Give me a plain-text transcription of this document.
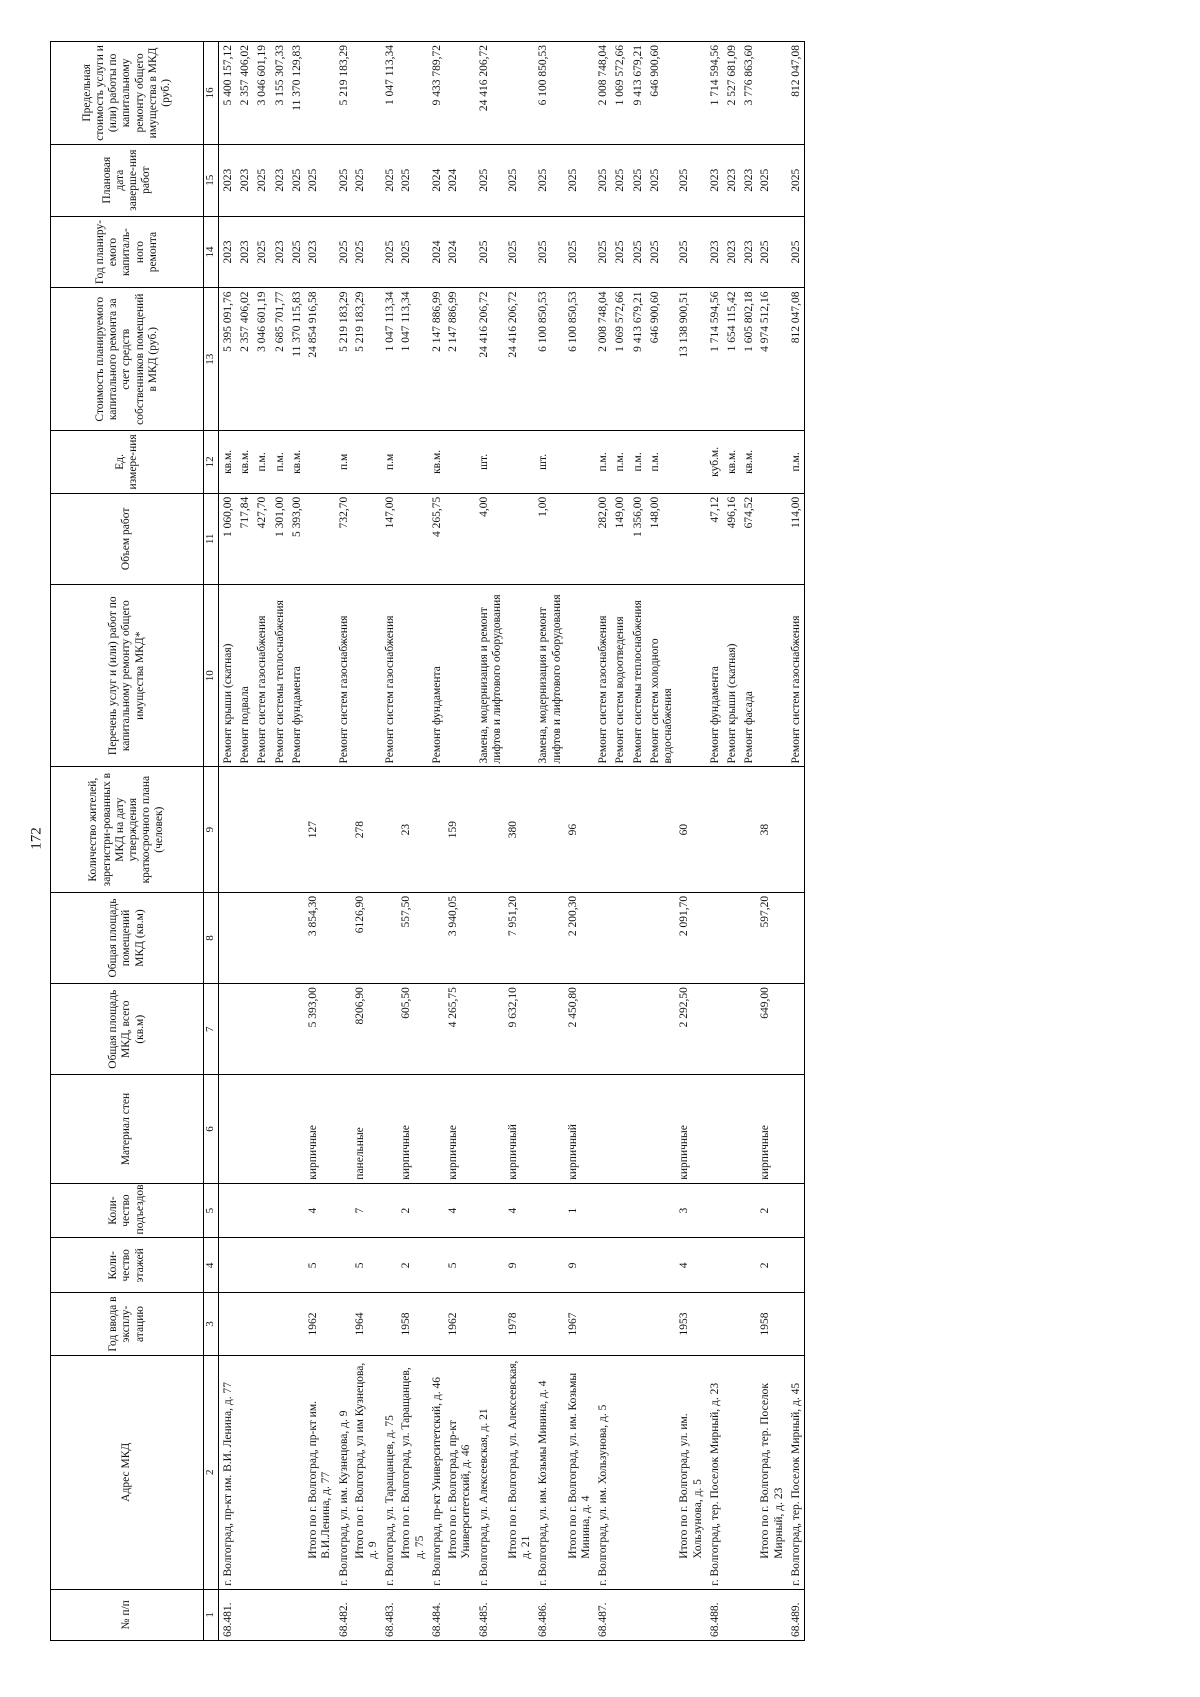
172
№ п/п	Адрес МКД	Год ввода в эксплу-атацию	Коли-чество этажей	Коли-чество подъездов	Материал стен	Общая площадь МКД, всего (кв.м)	Общая площадь помещений МКД (кв.м)	Количество жителей, зарегистри-рованных в МКД на дату утверждения краткосрочного плана (человек)	Перечень услуг и (или) работ по капитальному ремонту общего имущества МКД*	Объем работ	Ед. измере-ния	Стоимость планируемого капитального ремонта за счет средств собственников помещений в МКД (руб.)	Год планиру-емого капиталь-ного ремонта	Плановая дата заверше-ния работ	Предельная стоимость услуги и (или) работы по капитальному ремонту общего имущества в МКД (руб.)
1	2	3	4	5	6	7	8	9	10	11	12	13	14	15	16
68.481.	г. Волгоград, пр-кт им. В.И. Ленина, д. 77								Ремонт крыши (скатная)	1 060,00	кв.м.	5 395 091,76	2023	2023	5 400 157,12
									Ремонт подвала	717,84	кв.м.	2 357 406,02	2023	2023	2 357 406,02
									Ремонт систем газоснабжения	427,70	п.м.	3 046 601,19	2025	2025	3 046 601,19
									Ремонт системы теплоснабжения	1 301,00	п.м.	2 685 701,77	2023	2023	3 155 307,33
									Ремонт фундамента	5 393,00	кв.м.	11 370 115,83	2025	2025	11 370 129,83
	Итого по г. Волгоград, пр-кт им. В.И.Ленина, д. 77	1962	5	4	кирпичные	5 393,00	3 854,30	127				24 854 916,58	2023	2025	
68.482.	г. Волгоград, ул. им. Кузнецова, д. 9								Ремонт систем газоснабжения	732,70	п.м	5 219 183,29	2025	2025	5 219 183,29
	Итого по г. Волгоград, ул им Кузнецова, д. 9	1964	5	7	панельные	8206,90	6126,90	278				5 219 183,29	2025	2025	
68.483.	г. Волгоград, ул. Таращанцев, д. 75								Ремонт систем газоснабжения	147,00	п.м	1 047 113,34	2025	2025	1 047 113,34
	Итого по г. Волгоград, ул. Таращанцев, д. 75	1958	2	2	кирпичные	605,50	557,50	23				1 047 113,34	2025	2025	
68.484.	г. Волгоград, пр-кт Университетский, д. 46								Ремонт фундамента	4 265,75	кв.м.	2 147 886,99	2024	2024	9 433 789,72
	Итого по г. Волгоград, пр-кт Университетский, д. 46	1962	5	4	кирпичные	4 265,75	3 940,05	159				2 147 886,99	2024	2024	
68.485.	г. Волгоград, ул. Алексеевская, д. 21								Замена, модернизация и ремонт лифтов и лифтового оборудования	4,00	шт.	24 416 206,72	2025	2025	24 416 206,72
	Итого по г. Волгоград, ул. Алексеевская, д. 21	1978	9	4	кирпичный	9 632,10	7 951,20	380				24 416 206,72	2025	2025	
68.486.	г. Волгоград, ул. им. Козьмы Минина, д. 4								Замена, модернизация и ремонт лифтов и лифтового оборудования	1,00	шт.	6 100 850,53	2025	2025	6 100 850,53
	Итого по г. Волгоград, ул. им. Козьмы Минина, д. 4	1967	9	1	кирпичный	2 450,80	2 200,30	96				6 100 850,53	2025	2025	
68.487.	г. Волгоград, ул. им. Хользунова, д. 5								Ремонт систем газоснабжения	282,00	п.м.	2 008 748,04	2025	2025	2 008 748,04
									Ремонт систем водоотведения	149,00	п.м.	1 069 572,66	2025	2025	1 069 572,66
									Ремонт системы теплоснабжения	1 356,00	п.м.	9 413 679,21	2025	2025	9 413 679,21
									Ремонт систем холодного водоснабжения	148,00	п.м.	646 900,60	2025	2025	646 900,60
	Итого по г. Волгоград, ул. им. Хользунова, д. 5	1953	4	3	кирпичные	2 292,50	2 091,70	60				13 138 900,51	2025	2025	
68.488.	г. Волгоград, тер. Поселок Мирный, д. 23								Ремонт фундамента	47,12	куб.м.	1 714 594,56	2023	2023	1 714 594,56
									Ремонт крыши (скатная)	496,16	кв.м.	1 654 115,42	2023	2023	2 527 681,09
									Ремонт фасада	674,52	кв.м.	1 605 802,18	2023	2023	3 776 863,60
	Итого по г. Волгоград, тер. Поселок Мирный, д. 23	1958	2	2	кирпичные	649,00	597,20	38				4 974 512,16	2025	2025	
68.489.	г. Волгоград, тер. Поселок Мирный, д. 45								Ремонт систем газоснабжения	114,00	п.м.	812 047,08	2025	2025	812 047,08
